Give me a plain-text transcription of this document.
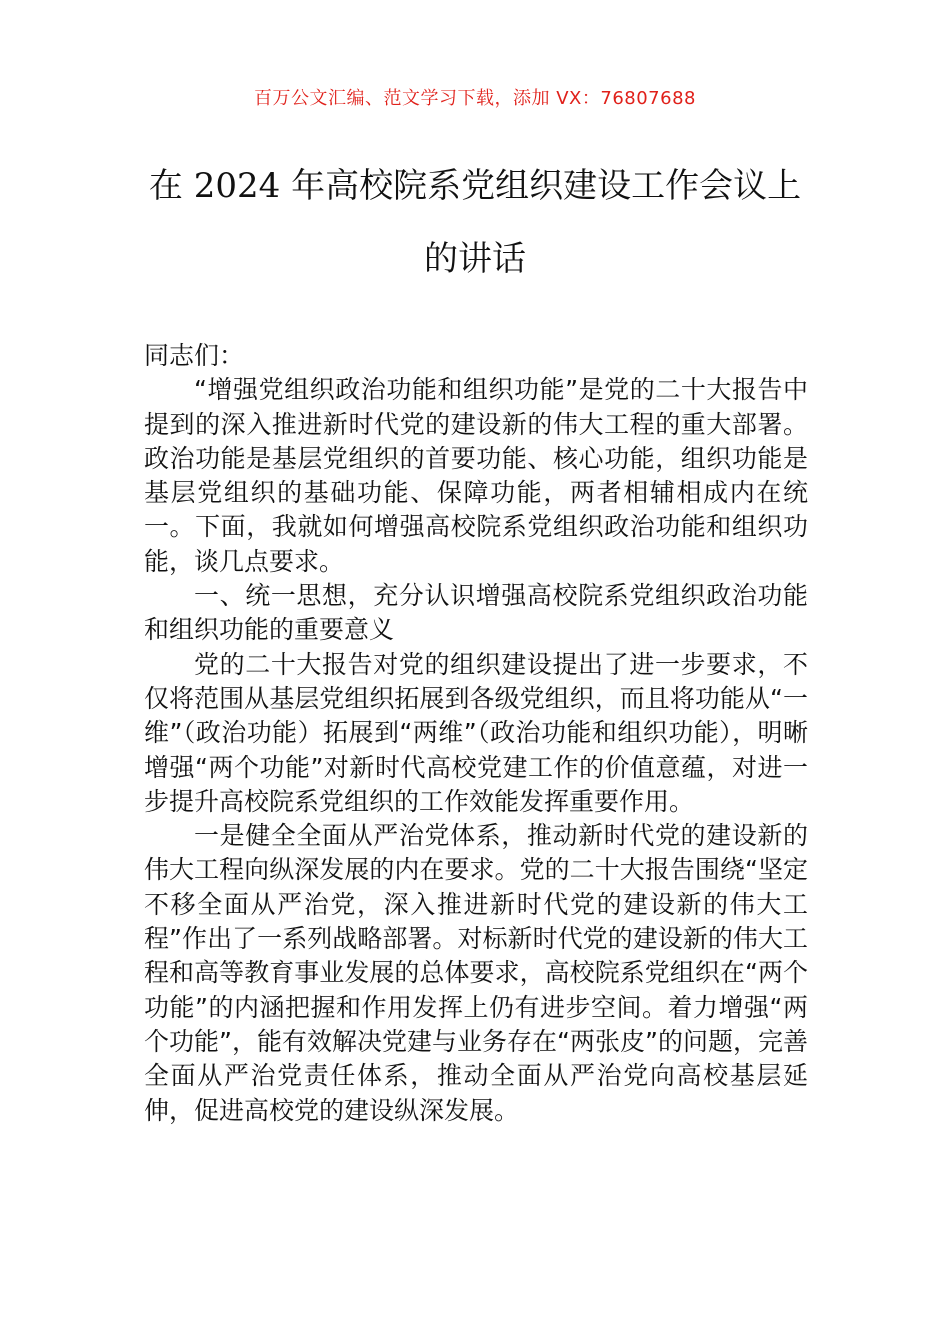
百万公文汇编、范文学习下载，添加 VX：76807688
在 2024 年高校院系党组织建设工作会议上
的讲话

同志们：

“增强党组织政治功能和组织功能”是党的二十大报告中提到的深入推进新时代党的建设新的伟大工程的重大部署。政治功能是基层党组织的首要功能、核心功能，组织功能是基层党组织的基础功能、保障功能，两者相辅相成内在统一。下面，我就如何增强高校院系党组织政治功能和组织功能，谈几点要求。

一、统一思想，充分认识增强高校院系党组织政治功能和组织功能的重要意义

党的二十大报告对党的组织建设提出了进一步要求，不仅将范围从基层党组织拓展到各级党组织，而且将功能从“一维”（政治功能）拓展到“两维”（政治功能和组织功能），明晰增强“两个功能”对新时代高校党建工作的价值意蕴，对进一步提升高校院系党组织的工作效能发挥重要作用。

一是健全全面从严治党体系，推动新时代党的建设新的伟大工程向纵深发展的内在要求。党的二十大报告围绕“坚定不移全面从严治党，深入推进新时代党的建设新的伟大工程”作出了一系列战略部署。对标新时代党的建设新的伟大工程和高等教育事业发展的总体要求，高校院系党组织在“两个功能”的内涵把握和作用发挥上仍有进步空间。着力增强“两个功能”，能有效解决党建与业务存在“两张皮”的问题，完善全面从严治党责任体系，推动全面从严治党向高校基层延伸，促进高校党的建设纵深发展。
